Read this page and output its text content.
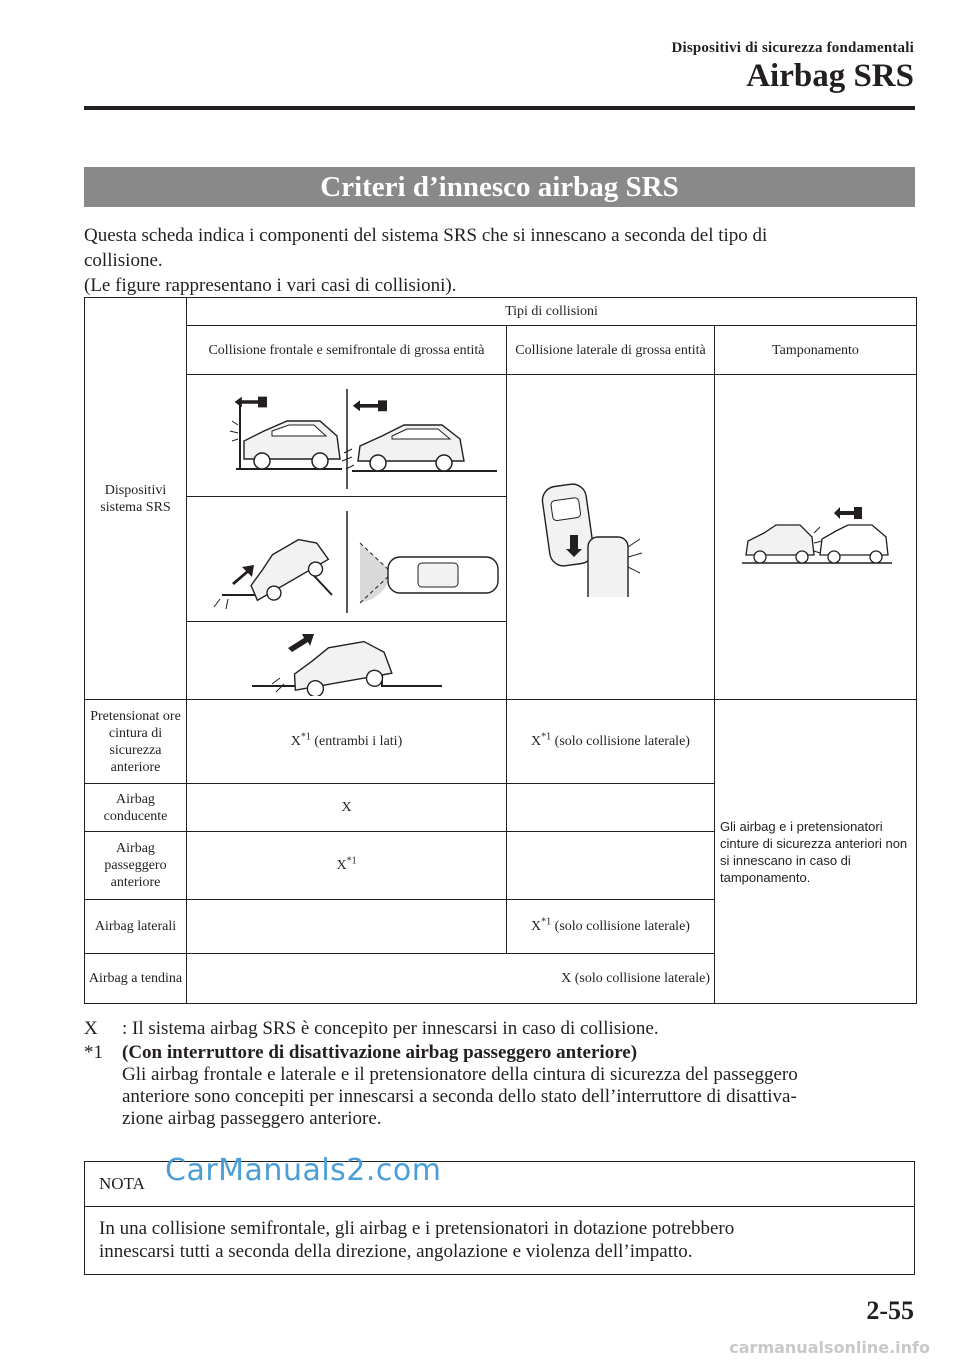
Dispositivi di sicurezza fondamentali
Airbag SRS
Criteri d’innesco airbag SRS

Questa scheda indica i componenti del sistema SRS che si innescano a seconda del tipo di

collisione.

(Le figure rappresentano i vari casi di collisioni).

Dispositivi sistema SRS	Tipi di collisioni		
	Collisione frontale e semifrontale di grossa entità	Collisione laterale di grossa entità	Tamponamento

Pretensionat ore cintura di sicurezza anteriore	$X^{*1}$ (entrambi i lati)	$X^{*1}$ (solo collisione laterale)	Gli airbag e i pretensionatori cinture di sicurezza anteriori non si innescano in caso di tamponamento.
Airbag conducente	X		
Airbag passeggero anteriore	$X^{*1}$	
Airbag laterali		$X^{*1}$ (solo collisione laterale)	
Airbag a tendina	X (solo collisione laterale)		
X	: Il sistema airbag SRS è concepito per innescarsi in caso di collisione.
*1	(Con interruttore di disattivazione airbag passeggero anteriore)
Gli airbag frontale e laterale e il pretensionatore della cintura di sicurezza del passeggero
anteriore sono concepiti per innescarsi a seconda dello stato dell’interruttore di disattiva-
zione airbag passeggero anteriore.
NOTA
In una collisione semifrontale, gli airbag e i pretensionatori in dotazione potrebbero
innescarsi tutti a seconda della direzione, angolazione e violenza dell’impatto.
CarManuals2.com
2-55
carmanualsonline.info
